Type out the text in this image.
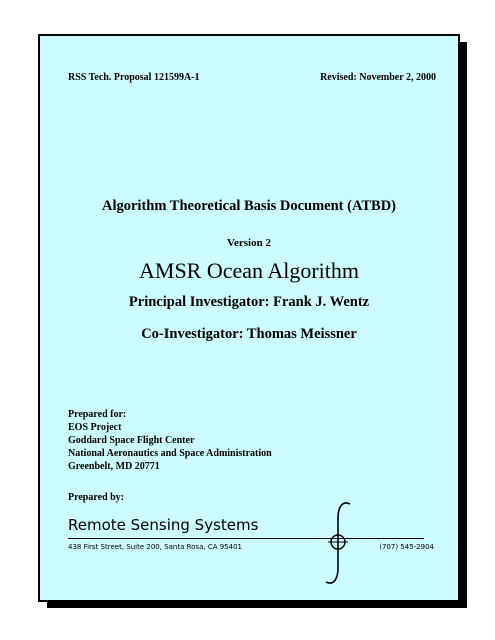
RSS Tech. Proposal 121599A-1	Revised: November 2, 2000
Algorithm Theoretical Basis Document (ATBD)
Version 2
AMSR Ocean Algorithm
Principal Investigator: Frank J. Wentz
Co-Investigator: Thomas Meissner
Prepared for:
EOS Project
Goddard Space Flight Center
National Aeronautics and Space Administration
Greenbelt, MD 20771
Prepared by:
Remote Sensing Systems
438 First Street, Suite 200, Santa Rosa, CA 95401	(707) 545-2904
